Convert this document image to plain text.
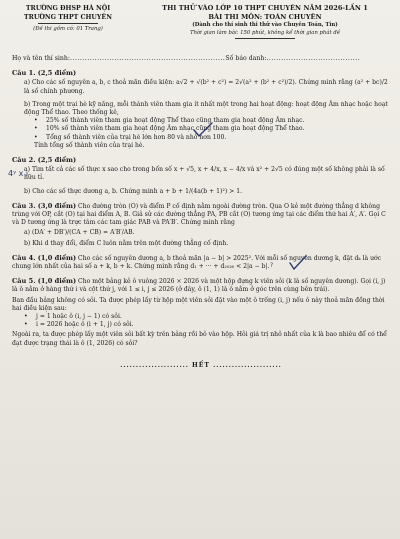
TRƯỜNG ĐHSP HÀ NỘI
TRƯỜNG THPT CHUYÊN
(Đề thi gồm có: 01 Trang)
THI THỬ VÀO LỚP 10 THPT CHUYÊN NĂM 2026-LẦN 1
BÀI THI MÔN: TOÁN CHUYÊN
(Dành cho thí sinh thi thử vào Chuyên Toán, Tin)
Thời gian làm bài: 150 phút, không kể thời gian phát đề
Họ và tên thí sinh: ............................................................... Số báo danh: ......................................
Câu 1. (2,5 điểm)
a) Cho các số nguyên a, b, c thoả mãn điều kiện: a√2 + √(b² + c²) = 2√(a² + (b² + c²)/2). Chứng minh rằng (a² + bc)/2 là số chính phương.
b) Trong một trại hè kỹ năng, mỗi thành viên tham gia ít nhất một trong hai hoạt động: hoạt động Âm nhạc hoặc hoạt động Thể thao. Theo thống kê,
•	25% số thành viên tham gia hoạt động Thể thao cũng tham gia hoạt động Âm nhạc.
•	10% số thành viên tham gia hoạt động Âm nhạc cũng tham gia hoạt động Thể thao.
•	Tổng số thành viên của trại hè lớn hơn 80 và nhỏ hơn 100.
Tính tổng số thành viên của trại hè.
Câu 2. (2,5 điểm)
a) Tìm tất cả các số thực x sao cho trong bốn số x + √5, x + 4/x, x − 4/x và x² + 2√5 có đúng một số không phải là số hữu tỉ.
b) Cho các số thực dương a, b. Chứng minh a + b + 1/(4a(b + 1)²) > 1.
Câu 3. (3,0 điểm) Cho đường tròn (O) và điểm P cố định nằm ngoài đường tròn. Qua O kẻ một đường thẳng d không trùng với OP, cắt (O) tại hai điểm A, B. Giả sử các đường thẳng PA, PB cắt (O) tương ứng tại các điểm thứ hai A′, A′. Gọi C và D tương ứng là trực tâm các tam giác PAB và PA′B′. Chứng minh rằng
a) (DA′ + DB′)/(CA + CB) = A′B′/AB.
b) Khi d thay đổi, điểm C luôn nằm trên một đường thẳng cố định.
Câu 4. (1,0 điểm) Cho các số nguyên dương a, b thoả mãn |a − b| > 2025². Với mỗi số nguyên dương k, đặt dₖ là ước chung lớn nhất của hai số a + k, b + k. Chứng minh rằng d₁ + ··· + d₂₀₂₆ < 2|a − b|.
Câu 5. (1,0 điểm) Cho một bảng kẻ ô vuông 2026 × 2026 và một hộp đựng k viên sỏi (k là số nguyên dương). Gọi (i, j) là ô nằm ở hàng thứ i và cột thứ j, với 1 ≤ i, j ≤ 2026 (ở đây, ô (1, 1) là ô nằm ở góc trên cùng bên trái).
Ban đầu bảng không có sỏi. Ta được phép lấy từ hộp một viên sỏi đặt vào một ô trống (i, j) nếu ô này thoả mãn đồng thời hai điều kiện sau:
•	j = 1 hoặc ô (i, j − 1) có sỏi.
•	i = 2026 hoặc ô (i + 1, j) có sỏi.
Ngoài ra, ta được phép lấy một viên sỏi bất kỳ trên bảng rồi bỏ vào hộp. Hỏi giá trị nhỏ nhất của k là bao nhiêu để có thể đạt được trạng thái là ô (1, 2026) có sỏi?
...................... HẾT ......................
4ᵞ x ı
?
